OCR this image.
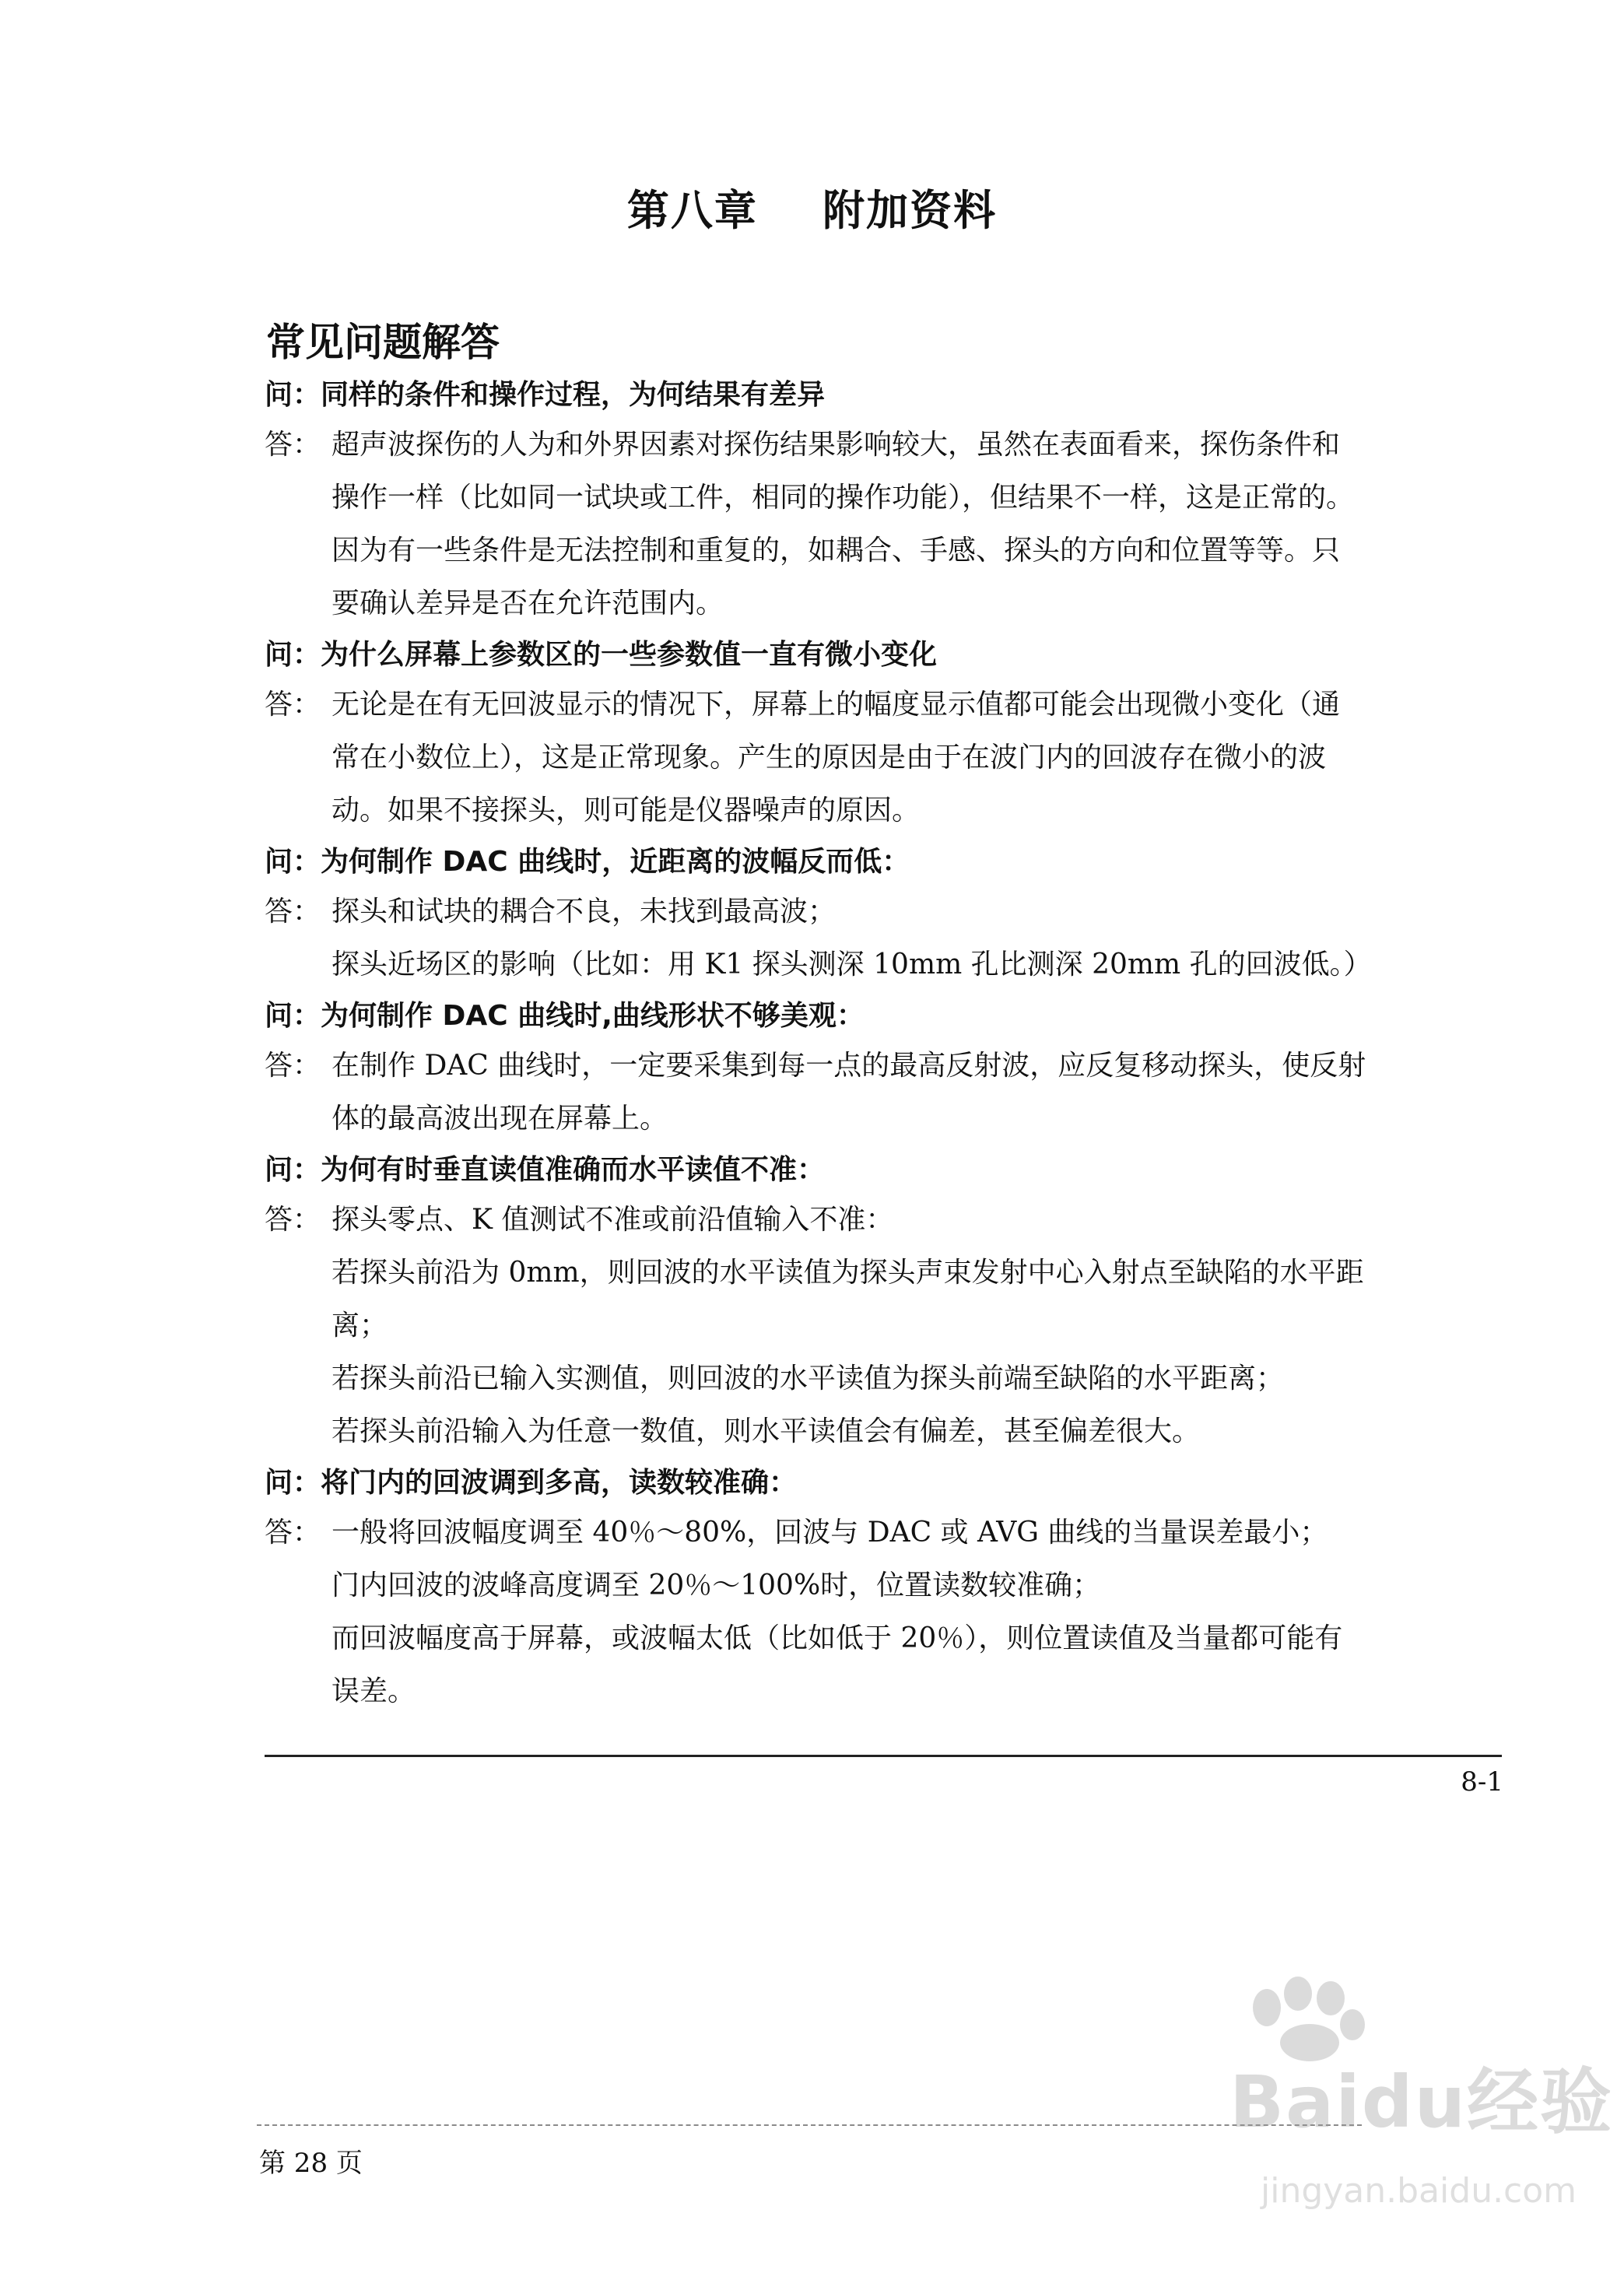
第八章    附加资料
常见问题解答
问：同样的条件和操作过程，为何结果有差异
答： 超声波探伤的人为和外界因素对探伤结果影响较大，虽然在表面看来，探伤条件和
操作一样（比如同一试块或工件，相同的操作功能），但结果不一样，这是正常的。
因为有一些条件是无法控制和重复的，如耦合、手感、探头的方向和位置等等。只
要确认差异是否在允许范围内。
问：为什么屏幕上参数区的一些参数值一直有微小变化
答： 无论是在有无回波显示的情况下，屏幕上的幅度显示值都可能会出现微小变化（通
常在小数位上），这是正常现象。产生的原因是由于在波门内的回波存在微小的波
动。如果不接探头，则可能是仪器噪声的原因。
问：为何制作 DAC 曲线时，近距离的波幅反而低：
答： 探头和试块的耦合不良，未找到最高波；
探头近场区的影响（比如：用 K1 探头测深 10mm 孔比测深 20mm 孔的回波低。）
问：为何制作 DAC 曲线时,曲线形状不够美观：
答： 在制作 DAC 曲线时，一定要采集到每一点的最高反射波，应反复移动探头，使反射
体的最高波出现在屏幕上。
问：为何有时垂直读值准确而水平读值不准：
答： 探头零点、K 值测试不准或前沿值输入不准：
若探头前沿为 0mm，则回波的水平读值为探头声束发射中心入射点至缺陷的水平距
离；
若探头前沿已输入实测值，则回波的水平读值为探头前端至缺陷的水平距离；
若探头前沿输入为任意一数值，则水平读值会有偏差，甚至偏差很大。
问：将门内的回波调到多高，读数较准确：
答： 一般将回波幅度调至 40％～80%，回波与 DAC 或 AVG 曲线的当量误差最小；
门内回波的波峰高度调至 20％～100%时，位置读数较准确；
而回波幅度高于屏幕，或波幅太低（比如低于 20％），则位置读值及当量都可能有
误差。
8-1
第 28 页
Baidu经验
jingyan.baidu.com
